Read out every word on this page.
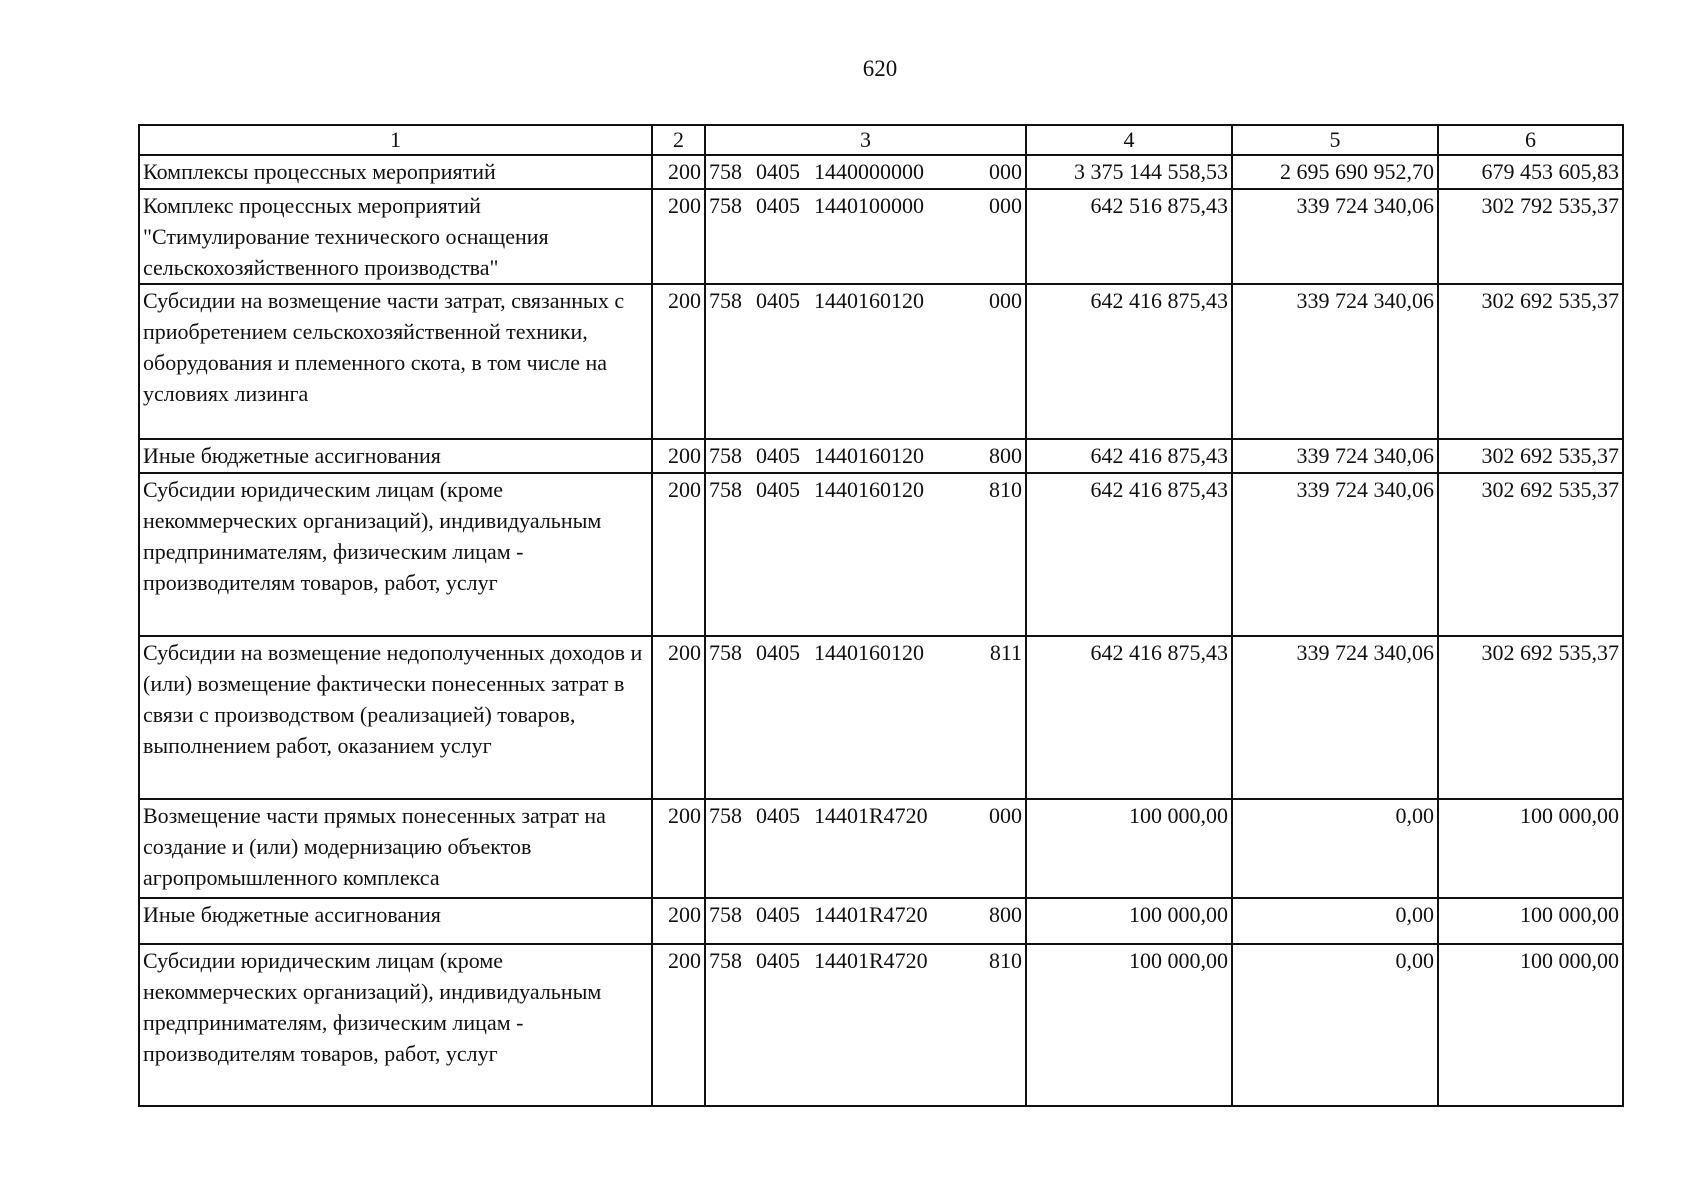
620
1	2	3	4	5	6
Комплексы процессных мероприятий	200	758 0405 1440000000 000	3 375 144 558,53	2 695 690 952,70	679 453 605,83
Комплекс процессных мероприятий "Стимулирование технического оснащения сельскохозяйственного производства"	200	758 0405 1440100000 000	642 516 875,43	339 724 340,06	302 792 535,37
Субсидии на возмещение части затрат, связанных с приобретением сельскохозяйственной техники, оборудования и племенного скота, в том числе на условиях лизинга	200	758 0405 1440160120 000	642 416 875,43	339 724 340,06	302 692 535,37
Иные бюджетные ассигнования	200	758 0405 1440160120 800	642 416 875,43	339 724 340,06	302 692 535,37
Субсидии юридическим лицам (кроме некоммерческих организаций), индивидуальным предпринимателям, физическим лицам - производителям товаров, работ, услуг	200	758 0405 1440160120 810	642 416 875,43	339 724 340,06	302 692 535,37
Субсидии на возмещение недополученных доходов и (или) возмещение фактически понесенных затрат в связи с производством (реализацией) товаров, выполнением работ, оказанием услуг	200	758 0405 1440160120 811	642 416 875,43	339 724 340,06	302 692 535,37
Возмещение части прямых понесенных затрат на создание и (или) модернизацию объектов агропромышленного комплекса	200	758 0405 14401R4720 000	100 000,00	0,00	100 000,00
Иные бюджетные ассигнования	200	758 0405 14401R4720 800	100 000,00	0,00	100 000,00
Субсидии юридическим лицам (кроме некоммерческих организаций), индивидуальным предпринимателям, физическим лицам - производителям товаров, работ, услуг	200	758 0405 14401R4720 810	100 000,00	0,00	100 000,00
